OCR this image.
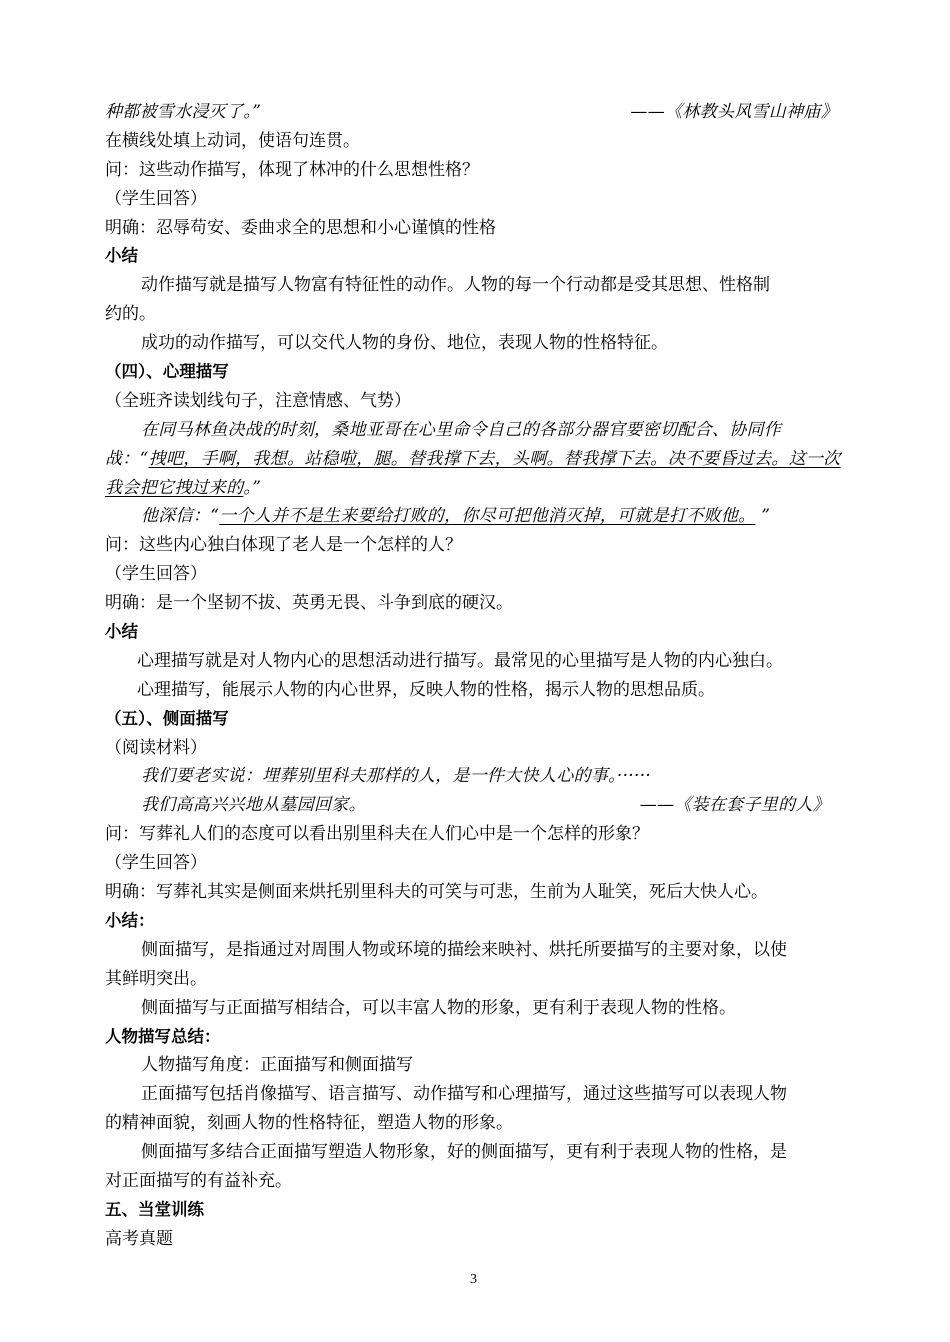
种都被雪水浸灭了。”	——《林教头风雪山神庙》
在横线处填上动词，使语句连贯。
问：这些动作描写，体现了林冲的什么思想性格？
（学生回答）
明确：忍辱苟安、委曲求全的思想和小心谨慎的性格
小结
动作描写就是描写人物富有特征性的动作。人物的每一个行动都是受其思想、性格制
约的。
成功的动作描写，可以交代人物的身份、地位，表现人物的性格特征。
（四）、心理描写
（全班齐读划线句子，注意情感、气势）
在同马林鱼决战的时刻，桑地亚哥在心里命令自己的各部分器官要密切配合、协同作
战：“拽吧，手啊，我想。站稳啦，腿。替我撑下去，头啊。替我撑下去。决不要昏过去。这一次
我会把它拽过来的。”
他深信：“一个人并不是生来要给打败的，你尽可把他消灭掉，可就是打不败他。 ”
问：这些内心独白体现了老人是一个怎样的人？
（学生回答）
明确：是一个坚韧不拔、英勇无畏、斗争到底的硬汉。
小结
心理描写就是对人物内心的思想活动进行描写。最常见的心里描写是人物的内心独白。
心理描写，能展示人物的内心世界，反映人物的性格，揭示人物的思想品质。
（五）、侧面描写
（阅读材料）
我们要老实说：埋葬别里科夫那样的人，是一件大快人心的事。······
我们高高兴兴地从墓园回家。	——《装在套子里的人》
问：写葬礼人们的态度可以看出别里科夫在人们心中是一个怎样的形象？
（学生回答）
明确：写葬礼其实是侧面来烘托别里科夫的可笑与可悲，生前为人耻笑，死后大快人心。
小结：
侧面描写，是指通过对周围人物或环境的描绘来映衬、烘托所要描写的主要对象，以使
其鲜明突出。
侧面描写与正面描写相结合，可以丰富人物的形象，更有利于表现人物的性格。
人物描写总结：
人物描写角度：正面描写和侧面描写
正面描写包括肖像描写、语言描写、动作描写和心理描写，通过这些描写可以表现人物
的精神面貌，刻画人物的性格特征，塑造人物的形象。
侧面描写多结合正面描写塑造人物形象，好的侧面描写，更有利于表现人物的性格，是
对正面描写的有益补充。
五、当堂训练
高考真题
3
